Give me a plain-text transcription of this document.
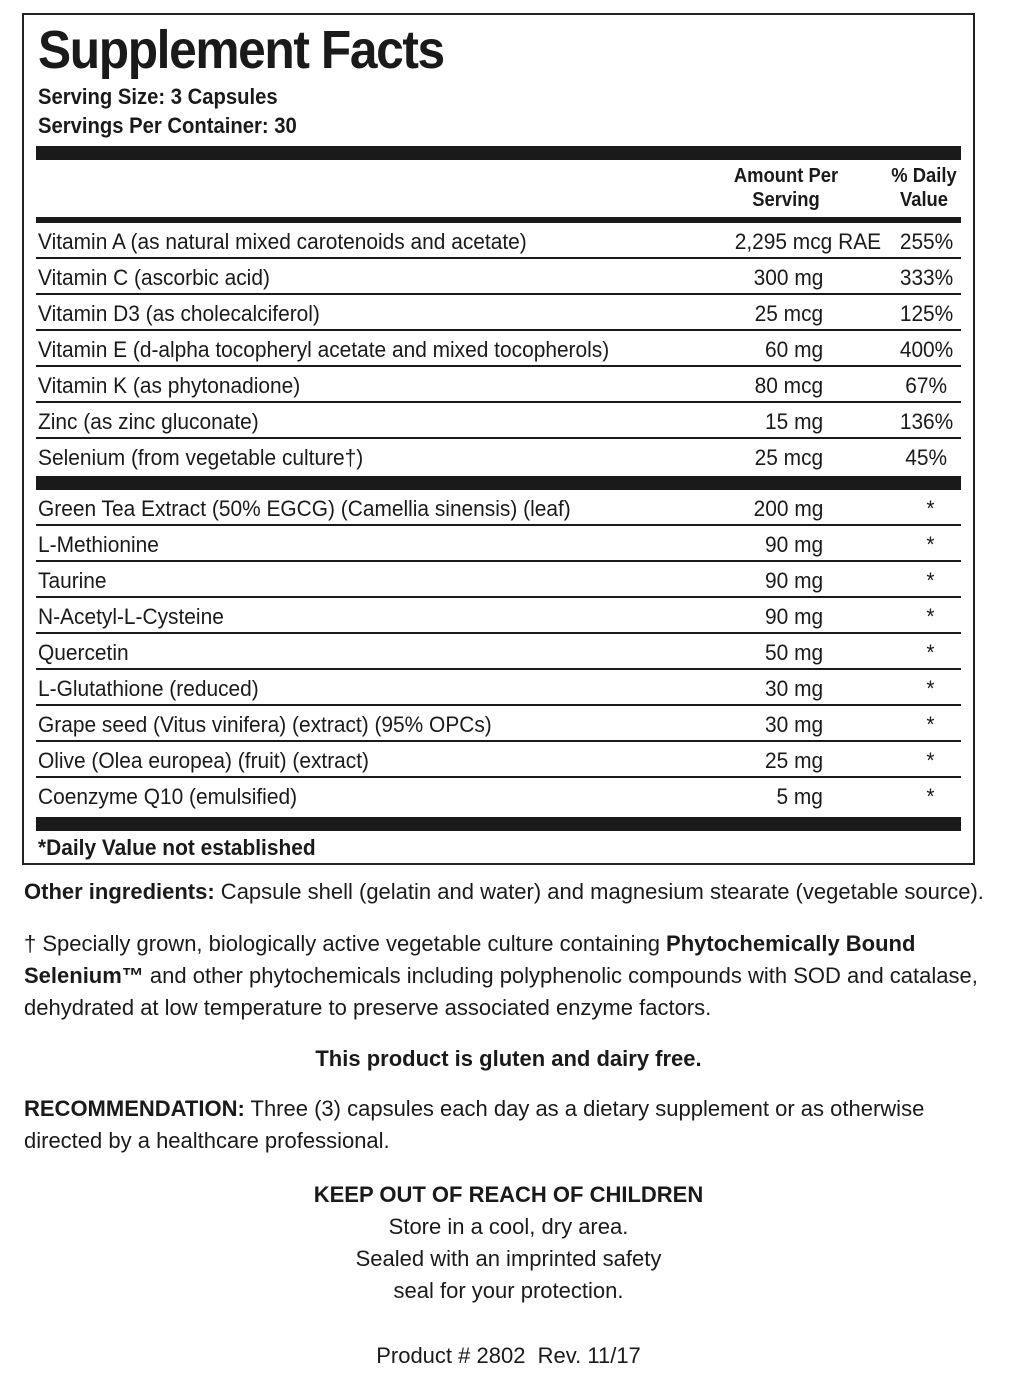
Supplement Facts
Serving Size: 3 Capsules
Servings Per Container: 30
Amount Per
Serving
% Daily
Value
Vitamin A (as natural mixed carotenoids and acetate)	2,295 mcg RAE 255%
Vitamin C (ascorbic acid)	300 mg	333%
Vitamin D3 (as cholecalciferol)	25 mcg	125%
Vitamin E (d-alpha tocopheryl acetate and mixed tocopherols)	60 mg	400%
Vitamin K (as phytonadione)	80 mcg	67%
Zinc (as zinc gluconate)	15 mg	136%
Selenium (from vegetable culture†)	25 mcg	45%
Green Tea Extract (50% EGCG) (Camellia sinensis) (leaf)	200 mg	*
L-Methionine	90 mg	*
Taurine	90 mg	*
N-Acetyl-L-Cysteine	90 mg	*
Quercetin	50 mg	*
L-Glutathione (reduced)	30 mg	*
Grape seed (Vitus vinifera) (extract) (95% OPCs)	30 mg	*
Olive (Olea europea) (fruit) (extract)	25 mg	*
Coenzyme Q10 (emulsified)	5 mg	*
*Daily Value not established
Other ingredients: Capsule shell (gelatin and water) and magnesium stearate (vegetable source).
† Specially grown, biologically active vegetable culture containing Phytochemically Bound Selenium™ and other phytochemicals including polyphenolic compounds with SOD and catalase, dehydrated at low temperature to preserve associated enzyme factors.
This product is gluten and dairy free.
RECOMMENDATION: Three (3) capsules each day as a dietary supplement or as otherwise directed by a healthcare professional.
KEEP OUT OF REACH OF CHILDREN
Store in a cool, dry area.
Sealed with an imprinted safety
seal for your protection.
Product # 2802  Rev. 11/17
